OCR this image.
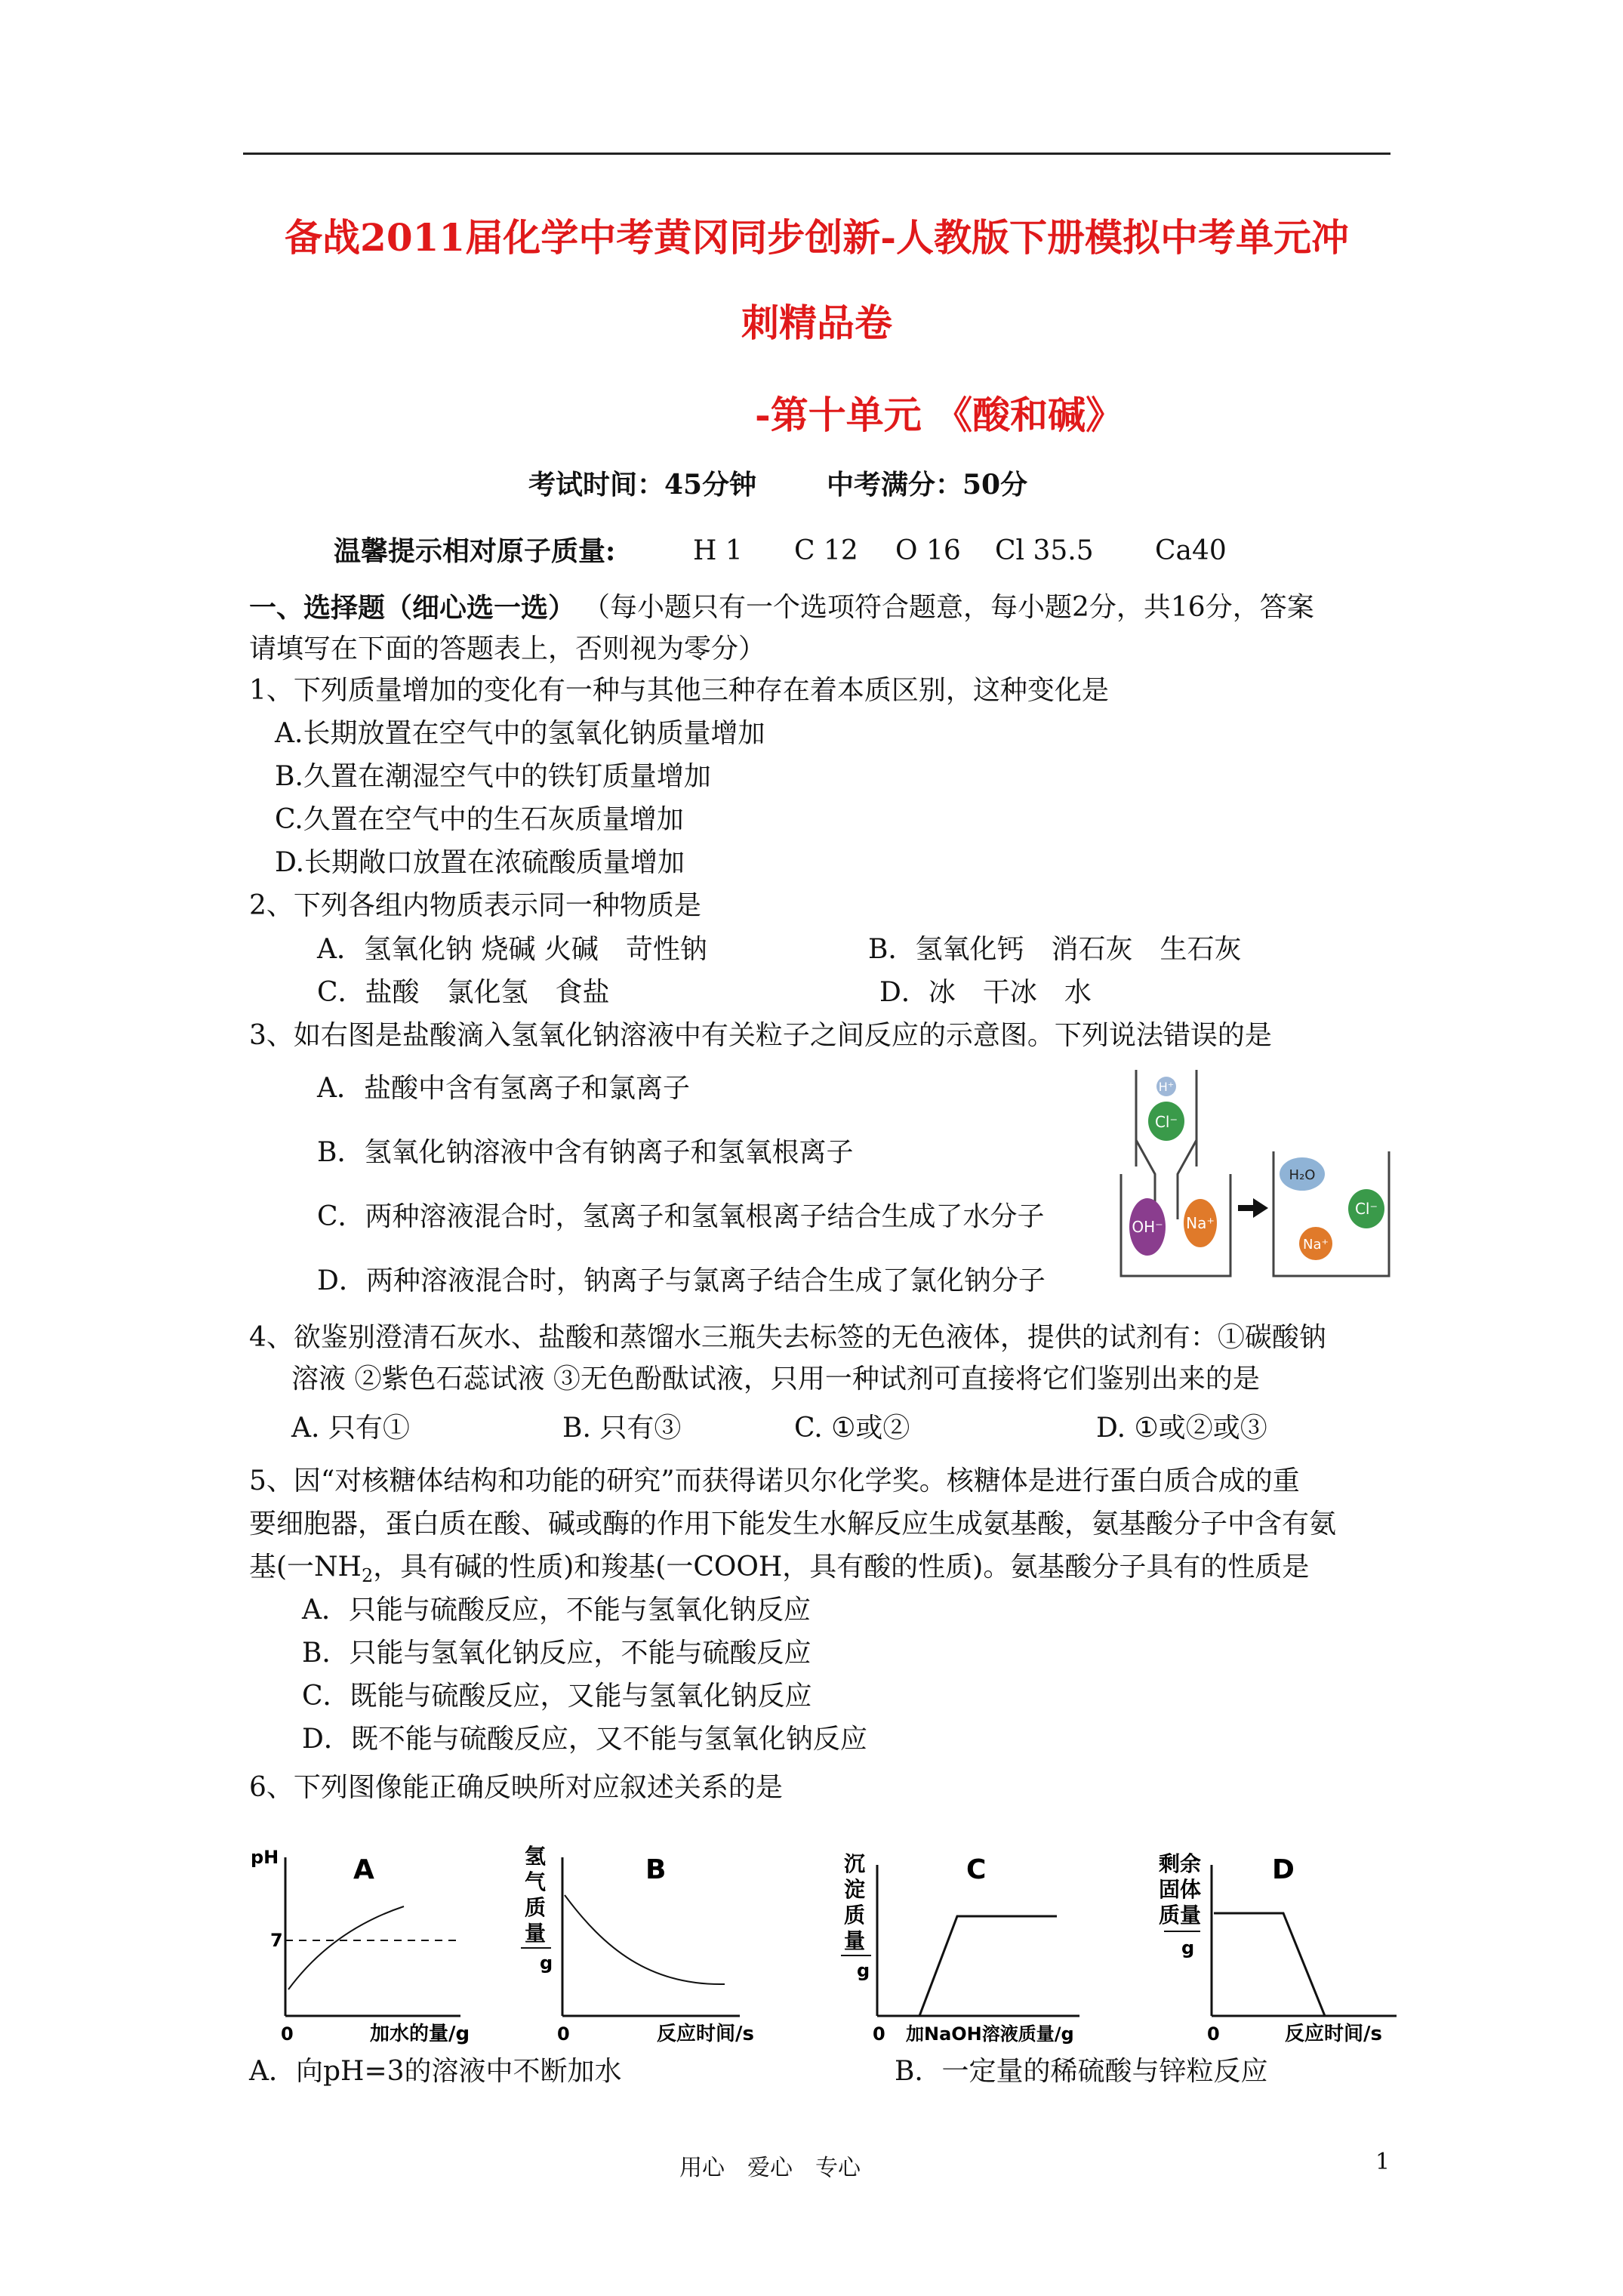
备战2011届化学中考黄冈同步创新-人教版下册模拟中考单元冲
刺精品卷
-第十单元 《酸和碱》
考试时间：45分钟	中考满分：50分
温馨提示相对原子质量:	H 1 C 12 O 16 Cl 35.5 Ca40
一、选择题（细心选一选） （每小题只有一个选项符合题意，每小题2分，共16分，答案
请填写在下面的答题表上，否则视为零分）
1、下列质量增加的变化有一种与其他三种存在着本质区别，这种变化是
A.长期放置在空气中的氢氧化钠质量增加
B.久置在潮湿空气中的铁钉质量增加
C.久置在空气中的生石灰质量增加
D.长期敞口放置在浓硫酸质量增加
2、下列各组内物质表示同一种物质是
A．氢氧化钠 烧碱 火碱　苛性钠	B．氢氧化钙　消石灰　生石灰
C．盐酸　氯化氢　食盐	D．冰　干冰　水
3、如右图是盐酸滴入氢氧化钠溶液中有关粒子之间反应的示意图。下列说法错误的是
A．盐酸中含有氢离子和氯离子
B．氢氧化钠溶液中含有钠离子和氢氧根离子
C．两种溶液混合时，氢离子和氢氧根离子结合生成了水分子
D．两种溶液混合时，钠离子与氯离子结合生成了氯化钠分子
H⁺
Cl⁻
OH⁻ Na⁺
H₂O
Cl⁻
Na⁺
4、欲鉴别澄清石灰水、盐酸和蒸馏水三瓶失去标签的无色液体，提供的试剂有：①碳酸钠
溶液 ②紫色石蕊试液 ③无色酚酞试液，只用一种试剂可直接将它们鉴别出来的是
A. 只有①	B. 只有③	C. ①或②	D. ①或②或③
5、因“对核糖体结构和功能的研究”而获得诺贝尔化学奖。核糖体是进行蛋白质合成的重
要细胞器，蛋白质在酸、碱或酶的作用下能发生水解反应生成氨基酸，氨基酸分子中含有氨
基(一$NH_2$，具有碱的性质)和羧基(一COOH，具有酸的性质)。氨基酸分子具有的性质是
A．只能与硫酸反应，不能与氢氧化钠反应
B．只能与氢氧化钠反应，不能与硫酸反应
C．既能与硫酸反应，又能与氢氧化钠反应
D．既不能与硫酸反应，又不能与氢氧化钠反应
6、下列图像能正确反映所对应叙述关系的是
pH	A
7
0	加水的量/g
氢
气
质
量
g
B
0	反应时间/s
沉
淀
质
量
g
C
0 加NaOH溶液质量/g
剩余
固体
质量
g
D
0	反应时间/s
A．向pH=3的溶液中不断加水	B．一定量的稀硫酸与锌粒反应
用心　爱心　专心	1
